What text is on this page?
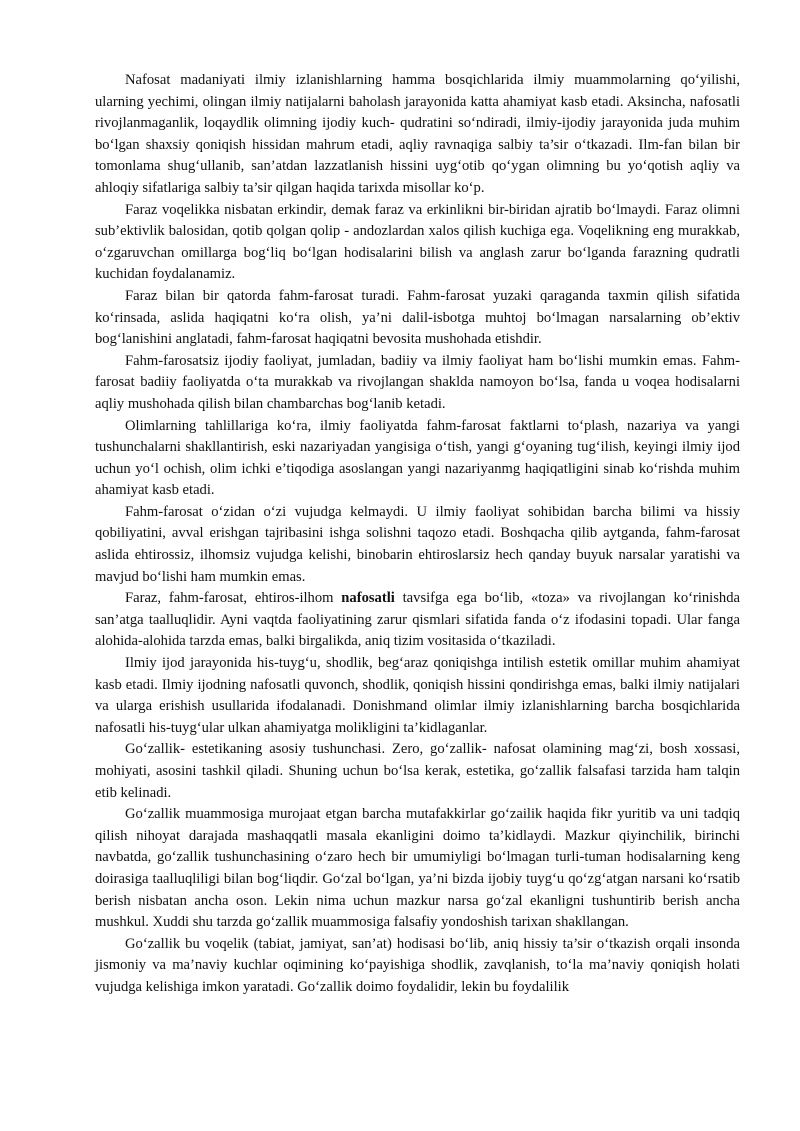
Nafosat madaniyati ilmiy izlanishlarning hamma bosqichlarida ilmiy muammolarning qo‘yilishi, ularning yechimi, olingan ilmiy natijalarni baholash jarayonida katta ahamiyat kasb etadi. Aksincha, nafosatli rivojlanmaganlik, loqaydlik olimning ijodiy kuch- qudratini so‘ndiradi, ilmiy-ijodiy jarayonida juda muhim bo‘lgan shaxsiy qoniqish hissidan mahrum etadi, aqliy ravnaqiga salbiy ta’sir o‘tkazadi. Ilm-fan bilan bir tomonlama shug‘ullanib, san’atdan lazzatlanish hissini uyg‘otib qo‘ygan olimning bu yo‘qotish aqliy va ahloqiy sifatlariga salbiy ta’sir qilgan haqida tarixda misollar ko‘p.

Faraz voqelikka nisbatan erkindir, demak faraz va erkinlikni bir-biridan ajratib bo‘lmaydi. Faraz olimni sub’ektivlik balosidan, qotib qolgan qolip - andozlardan xalos qilish kuchiga ega. Voqelikning eng murakkab, o‘zgaruvchan omillarga bog‘liq bo‘lgan hodisalarini bilish va anglash zarur bo‘lganda farazning qudratli kuchidan foydalanamiz.

Faraz bilan bir qatorda fahm-farosat turadi. Fahm-farosat yuzaki qaraganda taxmin qilish sifatida ko‘rinsada, aslida haqiqatni ko‘ra olish, ya’ni dalil-isbotga muhtoj bo‘lmagan narsalarning ob’ektiv bog‘lanishini anglatadi, fahm-farosat haqiqatni bevosita mushohada etishdir.

Fahm-farosatsiz ijodiy faoliyat, jumladan, badiiy va ilmiy faoliyat ham bo‘lishi mumkin emas. Fahm-farosat badiiy faoliyatda o‘ta murakkab va rivojlangan shaklda namoyon bo‘lsa, fanda u voqea hodisalarni aqliy mushohada qilish bilan chambarchas bog‘lanib ketadi.

Olimlarning tahlillariga ko‘ra, ilmiy faoliyatda fahm-farosat faktlarni to‘plash, nazariya va yangi tushunchalarni shakllantirish, eski nazariyadan yangisiga o‘tish, yangi g‘oyaning tug‘ilish, keyingi ilmiy ijod uchun yo‘l ochish, olim ichki e’tiqodiga asoslangan yangi nazariyanmg haqiqatligini sinab ko‘rishda muhim ahamiyat kasb etadi.

Fahm-farosat o‘zidan o‘zi vujudga kelmaydi. U ilmiy faoliyat sohibidan barcha bilimi va hissiy qobiliyatini, avval erishgan tajribasini ishga solishni taqozo etadi. Boshqacha qilib aytganda, fahm-farosat aslida ehtirossiz, ilhomsiz vujudga kelishi, binobarin ehtiroslarsiz hech qanday buyuk narsalar yaratishi va mavjud bo‘lishi ham mumkin emas.

Faraz, fahm-farosat, ehtiros-ilhom nafosatli tavsifga ega bo‘lib, «toza» va rivojlangan ko‘rinishda san’atga taalluqlidir. Ayni vaqtda faoliyatining zarur qismlari sifatida fanda o‘z ifodasini topadi. Ular fanga alohida-alohida tarzda emas, balki birgalikda, aniq tizim vositasida o‘tkaziladi.

Ilmiy ijod jarayonida his-tuyg‘u, shodlik, beg‘araz qoniqishga intilish estetik omillar muhim ahamiyat kasb etadi. Ilmiy ijodning nafosatli quvonch, shodlik, qoniqish hissini qondirishga emas, balki ilmiy natijalari va ularga erishish usullarida ifodalanadi. Donishmand olimlar ilmiy izlanishlarning barcha bosqichlarida nafosatli his-tuyg‘ular ulkan ahamiyatga molikligini ta’kidlaganlar.

Go‘zallik- estetikaning asosiy tushunchasi. Zero, go‘zallik- nafosat olamining mag‘zi, bosh xossasi, mohiyati, asosini tashkil qiladi. Shuning uchun bo‘lsa kerak, estetika, go‘zallik falsafasi tarzida ham talqin etib kelinadi.

Go‘zallik muammosiga murojaat etgan barcha mutafakkirlar go‘zailik haqida fikr yuritib va uni tadqiq qilish nihoyat darajada mashaqqatli masala ekanligini doimo ta’kidlaydi. Mazkur qiyinchilik, birinchi navbatda, go‘zallik tushunchasining o‘zaro hech bir umumiyligi bo‘lmagan turli-tuman hodisalarning keng doirasiga taalluqliligi bilan bog‘liqdir. Go‘zal bo‘lgan, ya’ni bizda ijobiy tuyg‘u qo‘zg‘atgan narsani ko‘rsatib berish nisbatan ancha oson. Lekin nima uchun mazkur narsa go‘zal ekanligni tushuntirib berish ancha mushkul. Xuddi shu tarzda go‘zallik muammosiga falsafiy yondoshish tarixan shakllangan.

Go‘zallik bu voqelik (tabiat, jamiyat, san’at) hodisasi bo‘lib, aniq hissiy ta’sir o‘tkazish orqali insonda jismoniy va ma’naviy kuchlar oqimining ko‘payishiga shodlik, zavqlanish, to‘la ma’naviy qoniqish holati vujudga kelishiga imkon yaratadi. Go‘zallik doimo foydalidir, lekin bu foydalilik
